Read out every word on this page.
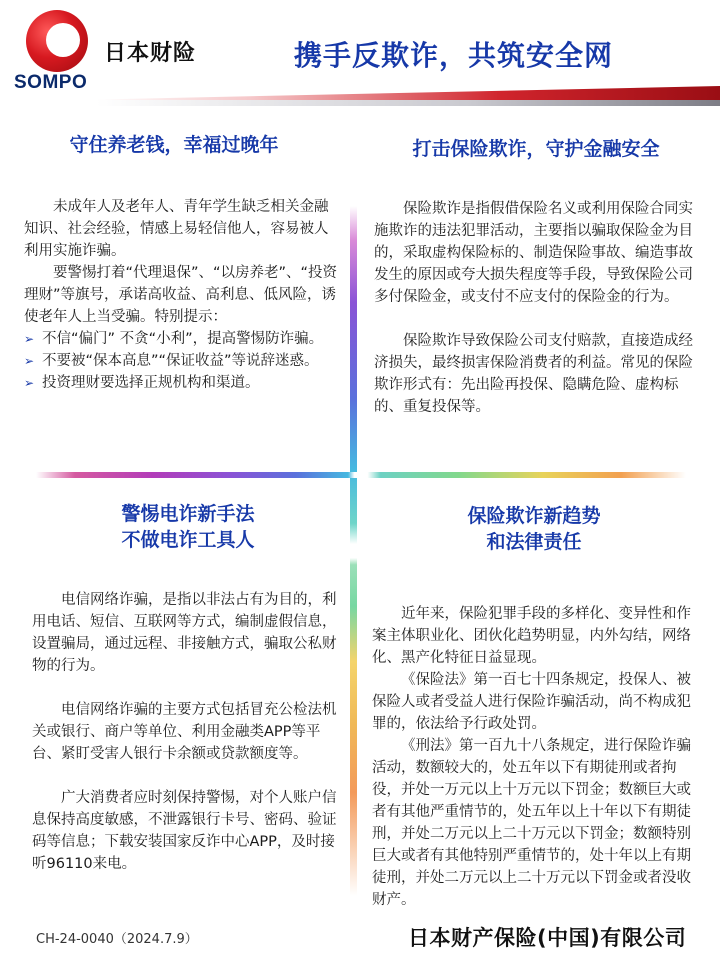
SOMPO
日本财险	携手反欺诈，共筑安全网
守住养老钱，幸福过晚年

未成年人及老年人、青年学生缺乏相关金融知识、社会经验，情感上易轻信他人，容易被人利用实施诈骗。

要警惕打着“代理退保”、“以房养老”、“投资理财”等旗号，承诺高收益、高利息、低风险，诱使老年人上当受骗。特别提示：

➢ 不信“偏门” 不贪“小利”，提高警惕防诈骗。
➢ 不要被“保本高息”“保证收益”等说辞迷惑。
➢ 投资理财要选择正规机构和渠道。
打击保险欺诈，守护金融安全

保险欺诈是指假借保险名义或利用保险合同实施欺诈的违法犯罪活动，主要指以骗取保险金为目的，采取虚构保险标的、制造保险事故、编造事故发生的原因或夸大损失程度等手段，导致保险公司多付保险金，或支付不应支付的保险金的行为。

保险欺诈导致保险公司支付赔款，直接造成经济损失，最终损害保险消费者的利益。常见的保险欺诈形式有：先出险再投保、隐瞒危险、虚构标的、重复投保等。

警惕电诈新手法
不做电诈工具人

电信网络诈骗，是指以非法占有为目的，利用电话、短信、互联网等方式，编制虚假信息，设置骗局，通过远程、非接触方式，骗取公私财物的行为。

电信网络诈骗的主要方式包括冒充公检法机关或银行、商户等单位、利用金融类APP等平台、紧盯受害人银行卡余额或贷款额度等。

广大消费者应时刻保持警惕，对个人账户信息保持高度敏感，不泄露银行卡号、密码、验证码等信息；下载安装国家反诈中心APP，及时接听96110来电。

保险欺诈新趋势
和法律责任

近年来，保险犯罪手段的多样化、变异性和作案主体职业化、团伙化趋势明显，内外勾结，网络化、黑产化特征日益显现。

《保险法》第一百七十四条规定，投保人、被保险人或者受益人进行保险诈骗活动，尚不构成犯罪的，依法给予行政处罚。

《刑法》第一百九十八条规定，进行保险诈骗活动，数额较大的，处五年以下有期徒刑或者拘役，并处一万元以上十万元以下罚金；数额巨大或者有其他严重情节的，处五年以上十年以下有期徒刑，并处二万元以上二十万元以下罚金；数额特别巨大或者有其他特别严重情节的，处十年以上有期徒刑，并处二万元以上二十万元以下罚金或者没收财产。

CH-24-0040（2024.7.9）	日本财产保险(中国)有限公司
